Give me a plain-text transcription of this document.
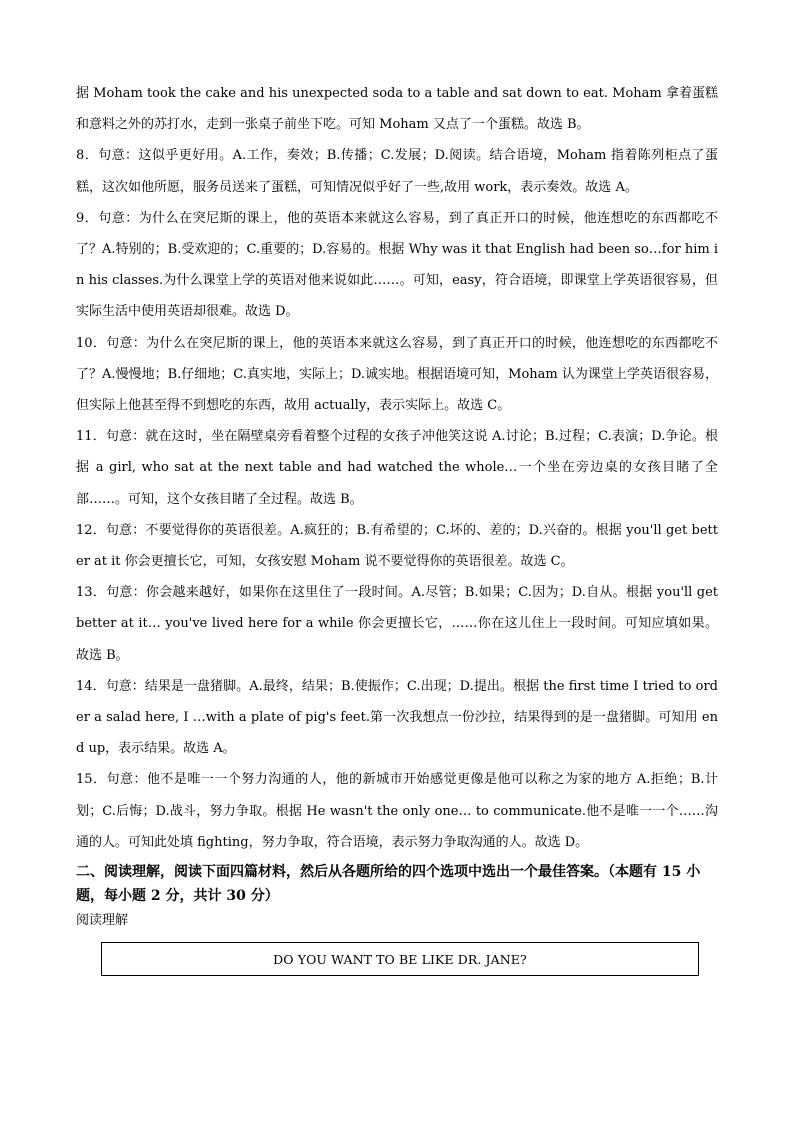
据 Moham took the cake and his unexpected soda to a table and sat down to eat. Moham 拿着蛋糕和意料之外的苏打水，走到一张桌子前坐下吃。可知 Moham 又点了一个蛋糕。故选 B。

8．句意：这似乎更好用。A.工作，奏效；B.传播；C.发展；D.阅读。结合语境，Moham 指着陈列柜点了蛋糕，这次如他所愿，服务员送来了蛋糕，可知情况似乎好了一些,故用 work，表示奏效。故选 A。

9．句意：为什么在突尼斯的课上，他的英语本来就这么容易，到了真正开口的时候，他连想吃的东西都吃不了？A.特别的；B.受欢迎的；C.重要的；D.容易的。根据 Why was it that English had been so…for him in his classes.为什么课堂上学的英语对他来说如此……。可知，easy，符合语境，即课堂上学英语很容易，但实际生活中使用英语却很难。故选 D。

10．句意：为什么在突尼斯的课上，他的英语本来就这么容易，到了真正开口的时候，他连想吃的东西都吃不了？A.慢慢地；B.仔细地；C.真实地，实际上；D.诚实地。根据语境可知，Moham 认为课堂上学英语很容易，但实际上他甚至得不到想吃的东西，故用 actually，表示实际上。故选 C。

11．句意：就在这时，坐在隔壁桌旁看着整个过程的女孩子冲他笑这说 A.讨论；B.过程；C.表演；D.争论。根据 a girl, who sat at the next table and had watched the whole…一个坐在旁边桌的女孩目睹了全部……。可知，这个女孩目睹了全过程。故选 B。

12．句意：不要觉得你的英语很差。A.疯狂的；B.有希望的；C.坏的、差的；D.兴奋的。根据 you'll get better at it 你会更擅长它，可知，女孩安慰 Moham 说不要觉得你的英语很差。故选 C。

13．句意：你会越来越好，如果你在这里住了一段时间。A.尽管；B.如果；C.因为；D.自从。根据 you'll get better at it… you've lived here for a while 你会更擅长它，……你在这儿住上一段时间。可知应填如果。故选 B。

14．句意：结果是一盘猪脚。A.最终，结果；B.使振作；C.出现；D.提出。根据 the first time I tried to order a salad here, I …with a plate of pig's feet.第一次我想点一份沙拉，结果得到的是一盘猪脚。可知用 end up，表示结果。故选 A。

15．句意：他不是唯一一个努力沟通的人，他的新城市开始感觉更像是他可以称之为家的地方 A.拒绝；B.计划；C.后悔；D.战斗，努力争取。根据 He wasn't the only one… to communicate.他不是唯一一个……沟通的人。可知此处填 fighting，努力争取，符合语境，表示努力争取沟通的人。故选 D。

二、阅读理解，阅读下面四篇材料，然后从各题所给的四个选项中选出一个最佳答案。（本题有 15 小题，每小题 2 分，共计 30 分）

阅读理解

DO YOU WANT TO BE LIKE DR. JANE?
